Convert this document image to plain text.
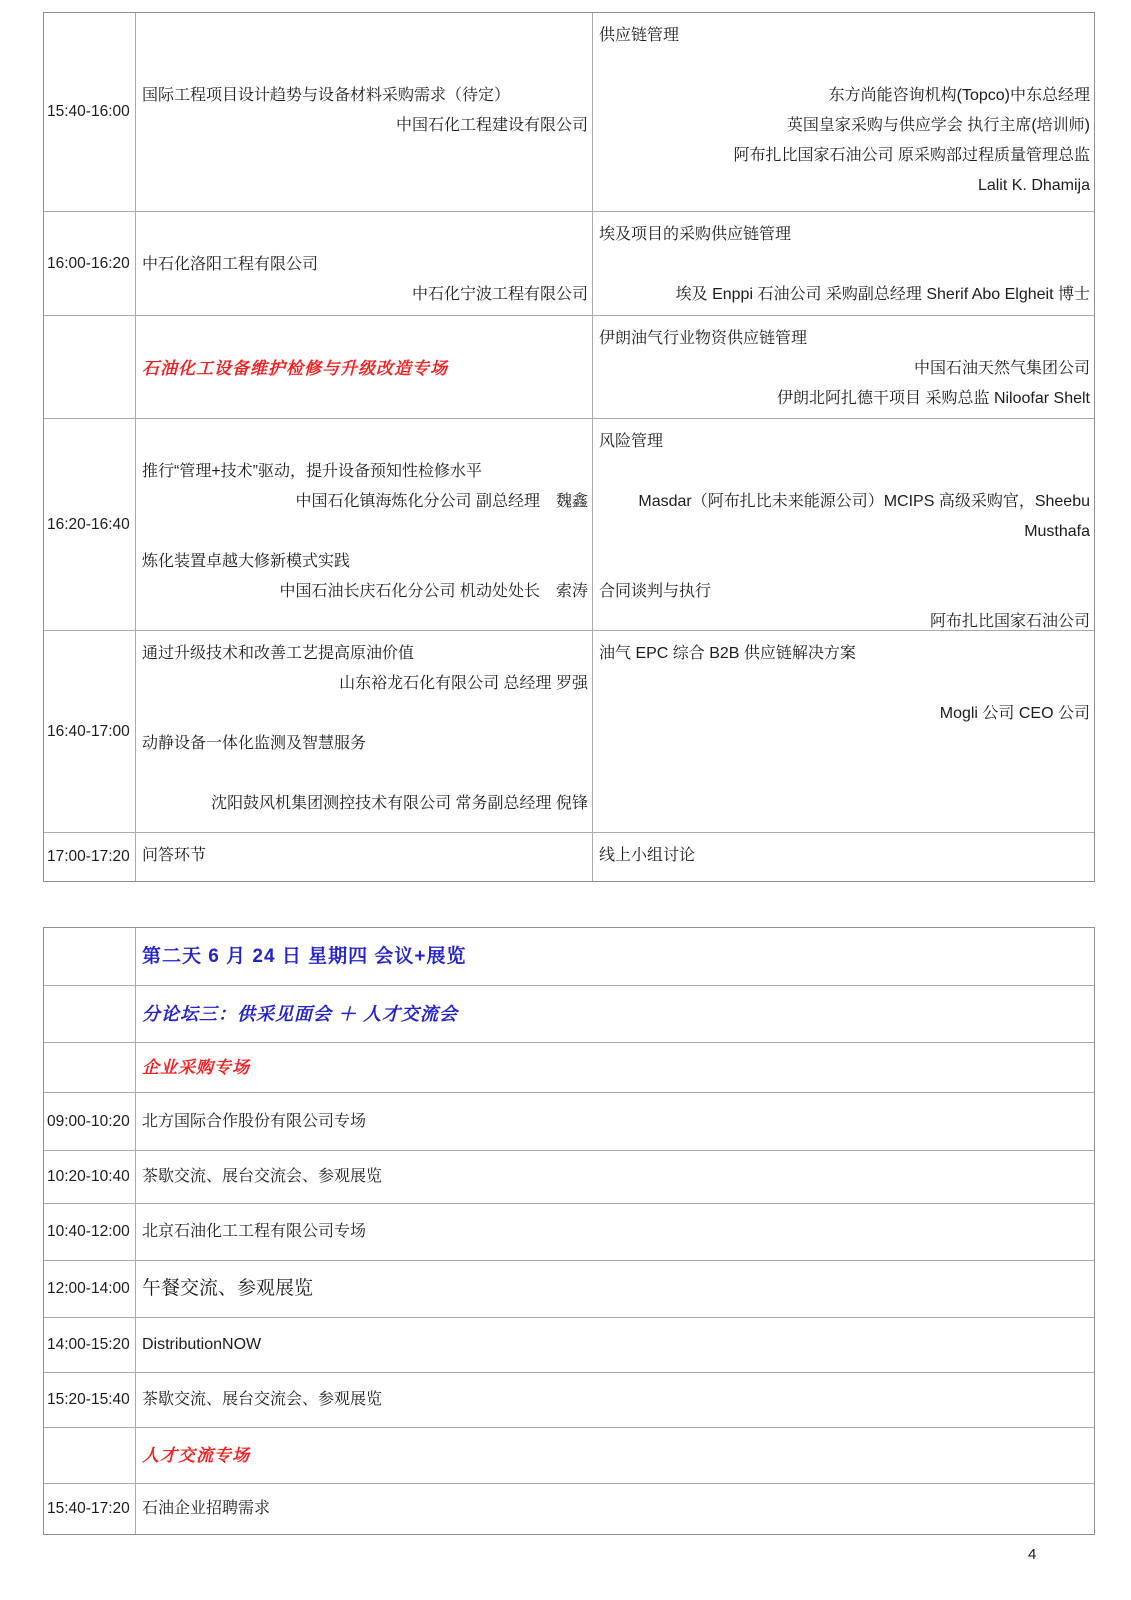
15:40-16:00
国际工程项目设计趋势与设备材料采购需求（待定）
中国石化工程建设有限公司
供应链管理
东方尚能咨询机构(Topco)中东总经理
英国皇家采购与供应学会 执行主席(培训师)
阿布扎比国家石油公司 原采购部过程质量管理总监
Lalit K. Dhamija
16:00-16:20 中石化洛阳工程有限公司
中石化宁波工程有限公司
埃及项目的采购供应链管理
埃及 Enppi 石油公司 采购副总经理 Sherif Abo Elgheit 博士
石油化工设备维护检修与升级改造专场
伊朗油气行业物资供应链管理
中国石油天然气集团公司
伊朗北阿扎德干项目 采购总监 Niloofar Shelt
16:20-16:40
推行“管理+技术”驱动，提升设备预知性检修水平
中国石化镇海炼化分公司 副总经理　魏鑫
炼化装置卓越大修新模式实践
中国石油长庆石化分公司 机动处处长　索涛
风险管理
Masdar（阿布扎比未来能源公司）MCIPS 高级采购官，Sheebu
Musthafa
合同谈判与执行
阿布扎比国家石油公司
16:40-17:00
通过升级技术和改善工艺提高原油价值
山东裕龙石化有限公司 总经理 罗强
动静设备一体化监测及智慧服务
沈阳鼓风机集团测控技术有限公司 常务副总经理 倪锋
油气 EPC 综合 B2B 供应链解决方案
Mogli 公司 CEO 公司
17:00-17:20 问答环节	线上小组讨论
第二天 6 月 24 日 星期四 会议+展览
分论坛三：供采见面会 ＋ 人才交流会
企业采购专场
09:00-10:20 北方国际合作股份有限公司专场
10:20-10:40 茶歇交流、展台交流会、参观展览
10:40-12:00 北京石油化工工程有限公司专场
12:00-14:00 午餐交流、参观展览
14:00-15:20 DistributionNOW
15:20-15:40 茶歇交流、展台交流会、参观展览
人才交流专场
15:40-17:20 石油企业招聘需求
4
